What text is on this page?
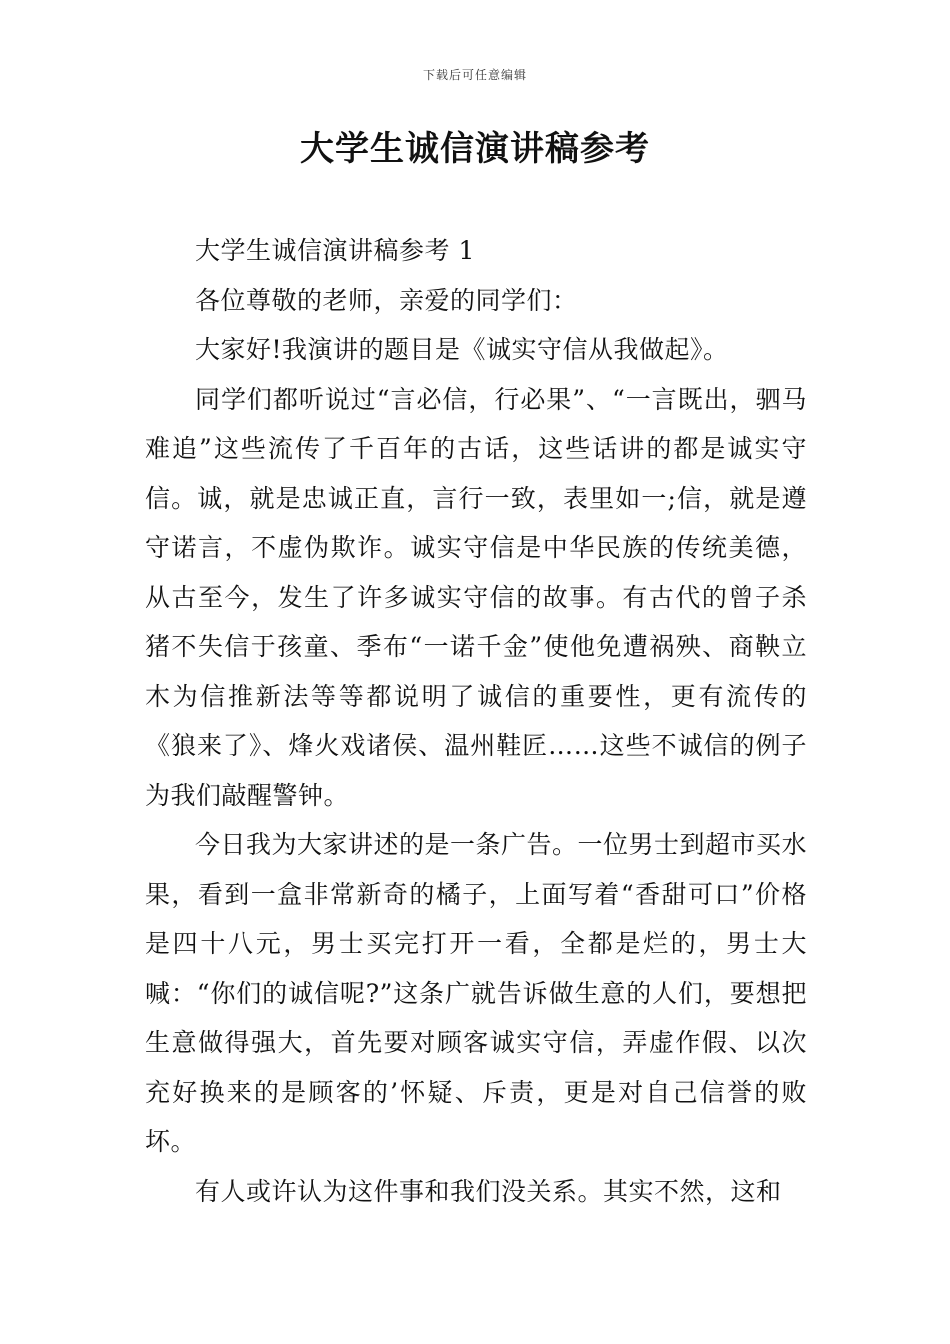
下载后可任意编辑
大学生诚信演讲稿参考

大学生诚信演讲稿参考 1

各位尊敬的老师，亲爱的同学们：

大家好!我演讲的题目是《诚实守信从我做起》。

同学们都听说过“言必信，行必果”、“一言既出，驷马难追”这些流传了千百年的古话，这些话讲的都是诚实守信。诚，就是忠诚正直，言行一致，表里如一;信，就是遵守诺言，不虚伪欺诈。诚实守信是中华民族的传统美德，从古至今，发生了许多诚实守信的故事。有古代的曾子杀猪不失信于孩童、季布“一诺千金”使他免遭祸殃、商鞅立木为信推新法等等都说明了诚信的重要性，更有流传的《狼来了》、烽火戏诸侯、温州鞋匠……这些不诚信的例子为我们敲醒警钟。

今日我为大家讲述的是一条广告。一位男士到超市买水果，看到一盒非常新奇的橘子，上面写着“香甜可口”价格是四十八元，男士买完打开一看，全都是烂的，男士大喊：“你们的诚信呢?”这条广就告诉做生意的人们，要想把生意做得强大，首先要对顾客诚实守信，弄虚作假、以次充好换来的是顾客的’怀疑、斥责，更是对自己信誉的败坏。

有人或许认为这件事和我们没关系。其实不然，这和
